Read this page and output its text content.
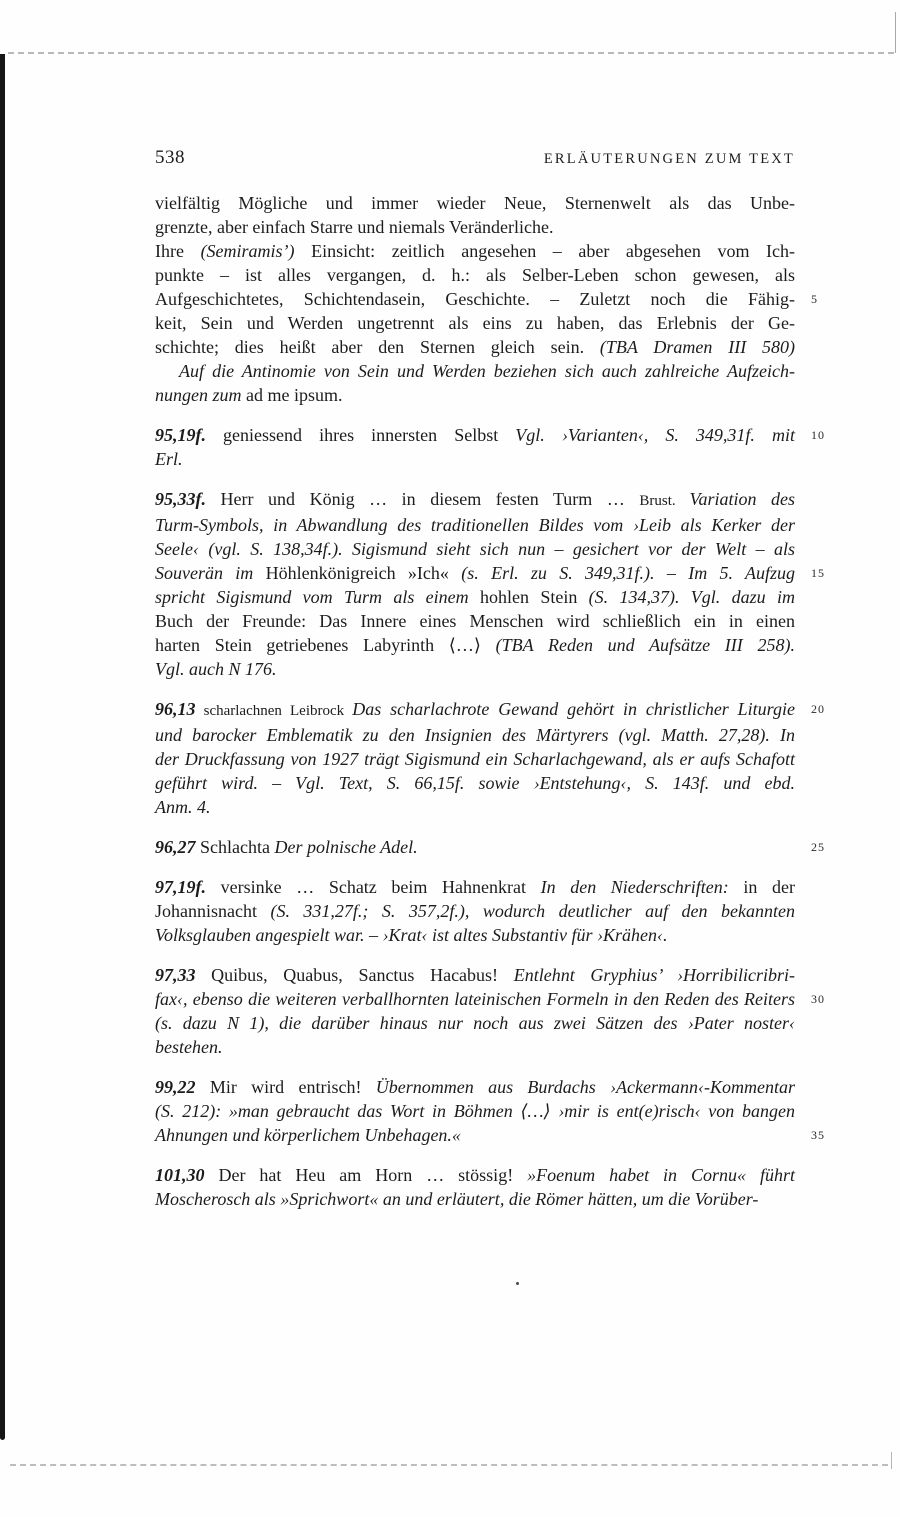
538	ERLÄUTERUNGEN ZUM TEXT
vielfältig Mögliche und immer wieder Neue, Sternenwelt als das Unbe-
grenzte, aber einfach Starre und niemals Veränderliche.
Ihre (Semiramis’) Einsicht: zeitlich angesehen – aber abgesehen vom Ich-
punkte – ist alles vergangen, d. h.: als Selber-Leben schon gewesen, als
Aufgeschichtetes, Schichtendasein, Geschichte. – Zuletzt noch die Fähig- 5
keit, Sein und Werden ungetrennt als eins zu haben, das Erlebnis der Ge-
schichte; dies heißt aber den Sternen gleich sein. (TBA Dramen III 580)
Auf die Antinomie von Sein und Werden beziehen sich auch zahlreiche Aufzeich-
nungen zum ad me ipsum.
95,19f. geniessend ihres innersten Selbst Vgl. ›Varianten‹, S. 349,31f. mit 10
Erl.
95,33f. Herr und König … in diesem festen Turm … Brust. Variation des
Turm-Symbols, in Abwandlung des traditionellen Bildes vom ›Leib als Kerker der
Seele‹ (vgl. S. 138,34f.). Sigismund sieht sich nun – gesichert vor der Welt – als
Souverän im Höhlenkönigreich »Ich« (s. Erl. zu S. 349,31f.). – Im 5. Aufzug 15
spricht Sigismund vom Turm als einem hohlen Stein (S. 134,37). Vgl. dazu im
Buch der Freunde: Das Innere eines Menschen wird schließlich ein in einen
harten Stein getriebenes Labyrinth ⟨…⟩ (TBA Reden und Aufsätze III 258).
Vgl. auch N 176.
96,13 scharlachnen Leibrock Das scharlachrote Gewand gehört in christlicher Liturgie 20
und barocker Emblematik zu den Insignien des Märtyrers (vgl. Matth. 27,28). In
der Druckfassung von 1927 trägt Sigismund ein Scharlachgewand, als er aufs Schafott
geführt wird. – Vgl. Text, S. 66,15f. sowie ›Entstehung‹, S. 143f. und ebd.
Anm. 4.
96,27 Schlachta Der polnische Adel.	25
97,19f. versinke … Schatz beim Hahnenkrat In den Niederschriften: in der
Johannisnacht (S. 331,27f.; S. 357,2f.), wodurch deutlicher auf den bekannten
Volksglauben angespielt war. – ›Krat‹ ist altes Substantiv für ›Krähen‹.
97,33 Quibus, Quabus, Sanctus Hacabus! Entlehnt Gryphius’ ›Horribilicribri-
fax‹, ebenso die weiteren verballhornten lateinischen Formeln in den Reden des Reiters 30
(s. dazu N 1), die darüber hinaus nur noch aus zwei Sätzen des ›Pater noster‹
bestehen.
99,22 Mir wird entrisch! Übernommen aus Burdachs ›Ackermann‹-Kommentar
(S. 212): »man gebraucht das Wort in Böhmen ⟨…⟩ ›mir is ent(e)risch‹ von bangen
Ahnungen und körperlichem Unbehagen.«	35
101,30 Der hat Heu am Horn … stössig! »Foenum habet in Cornu« führt
Moscherosch als »Sprichwort« an und erläutert, die Römer hätten, um die Vorüber-
